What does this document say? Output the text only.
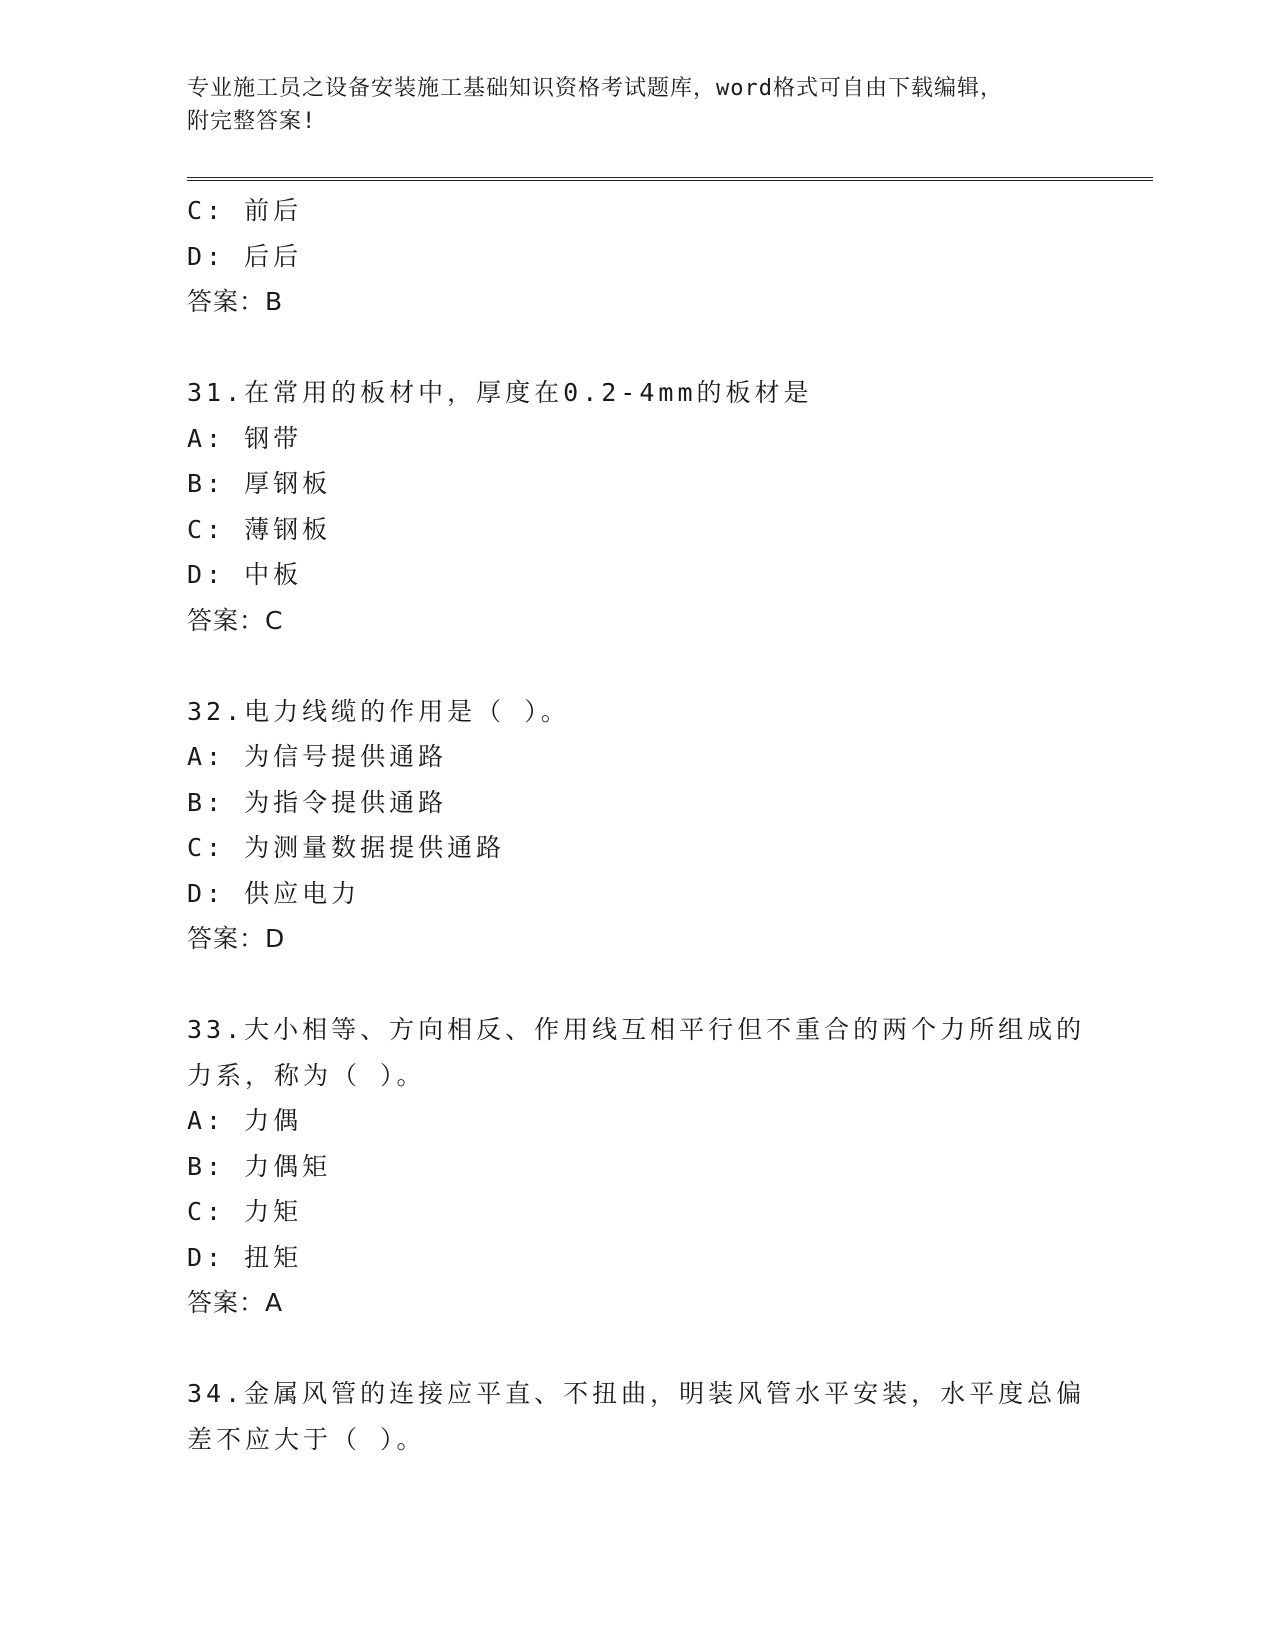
专业施工员之设备安装施工基础知识资格考试题库，word格式可自由下载编辑，
附完整答案!
C: 前后
D: 后后
答案：B
31.在常用的板材中，厚度在0.2-4mm的板材是
A: 钢带
B: 厚钢板
C: 薄钢板
D: 中板
答案：C
32.电力线缆的作用是（ ）。
A: 为信号提供通路
B: 为指令提供通路
C: 为测量数据提供通路
D: 供应电力
答案：D
33.大小相等、方向相反、作用线互相平行但不重合的两个力所组成的
力系，称为（ ）。
A: 力偶
B: 力偶矩
C: 力矩
D: 扭矩
答案：A
34.金属风管的连接应平直、不扭曲，明装风管水平安装，水平度总偏
差不应大于（ ）。
